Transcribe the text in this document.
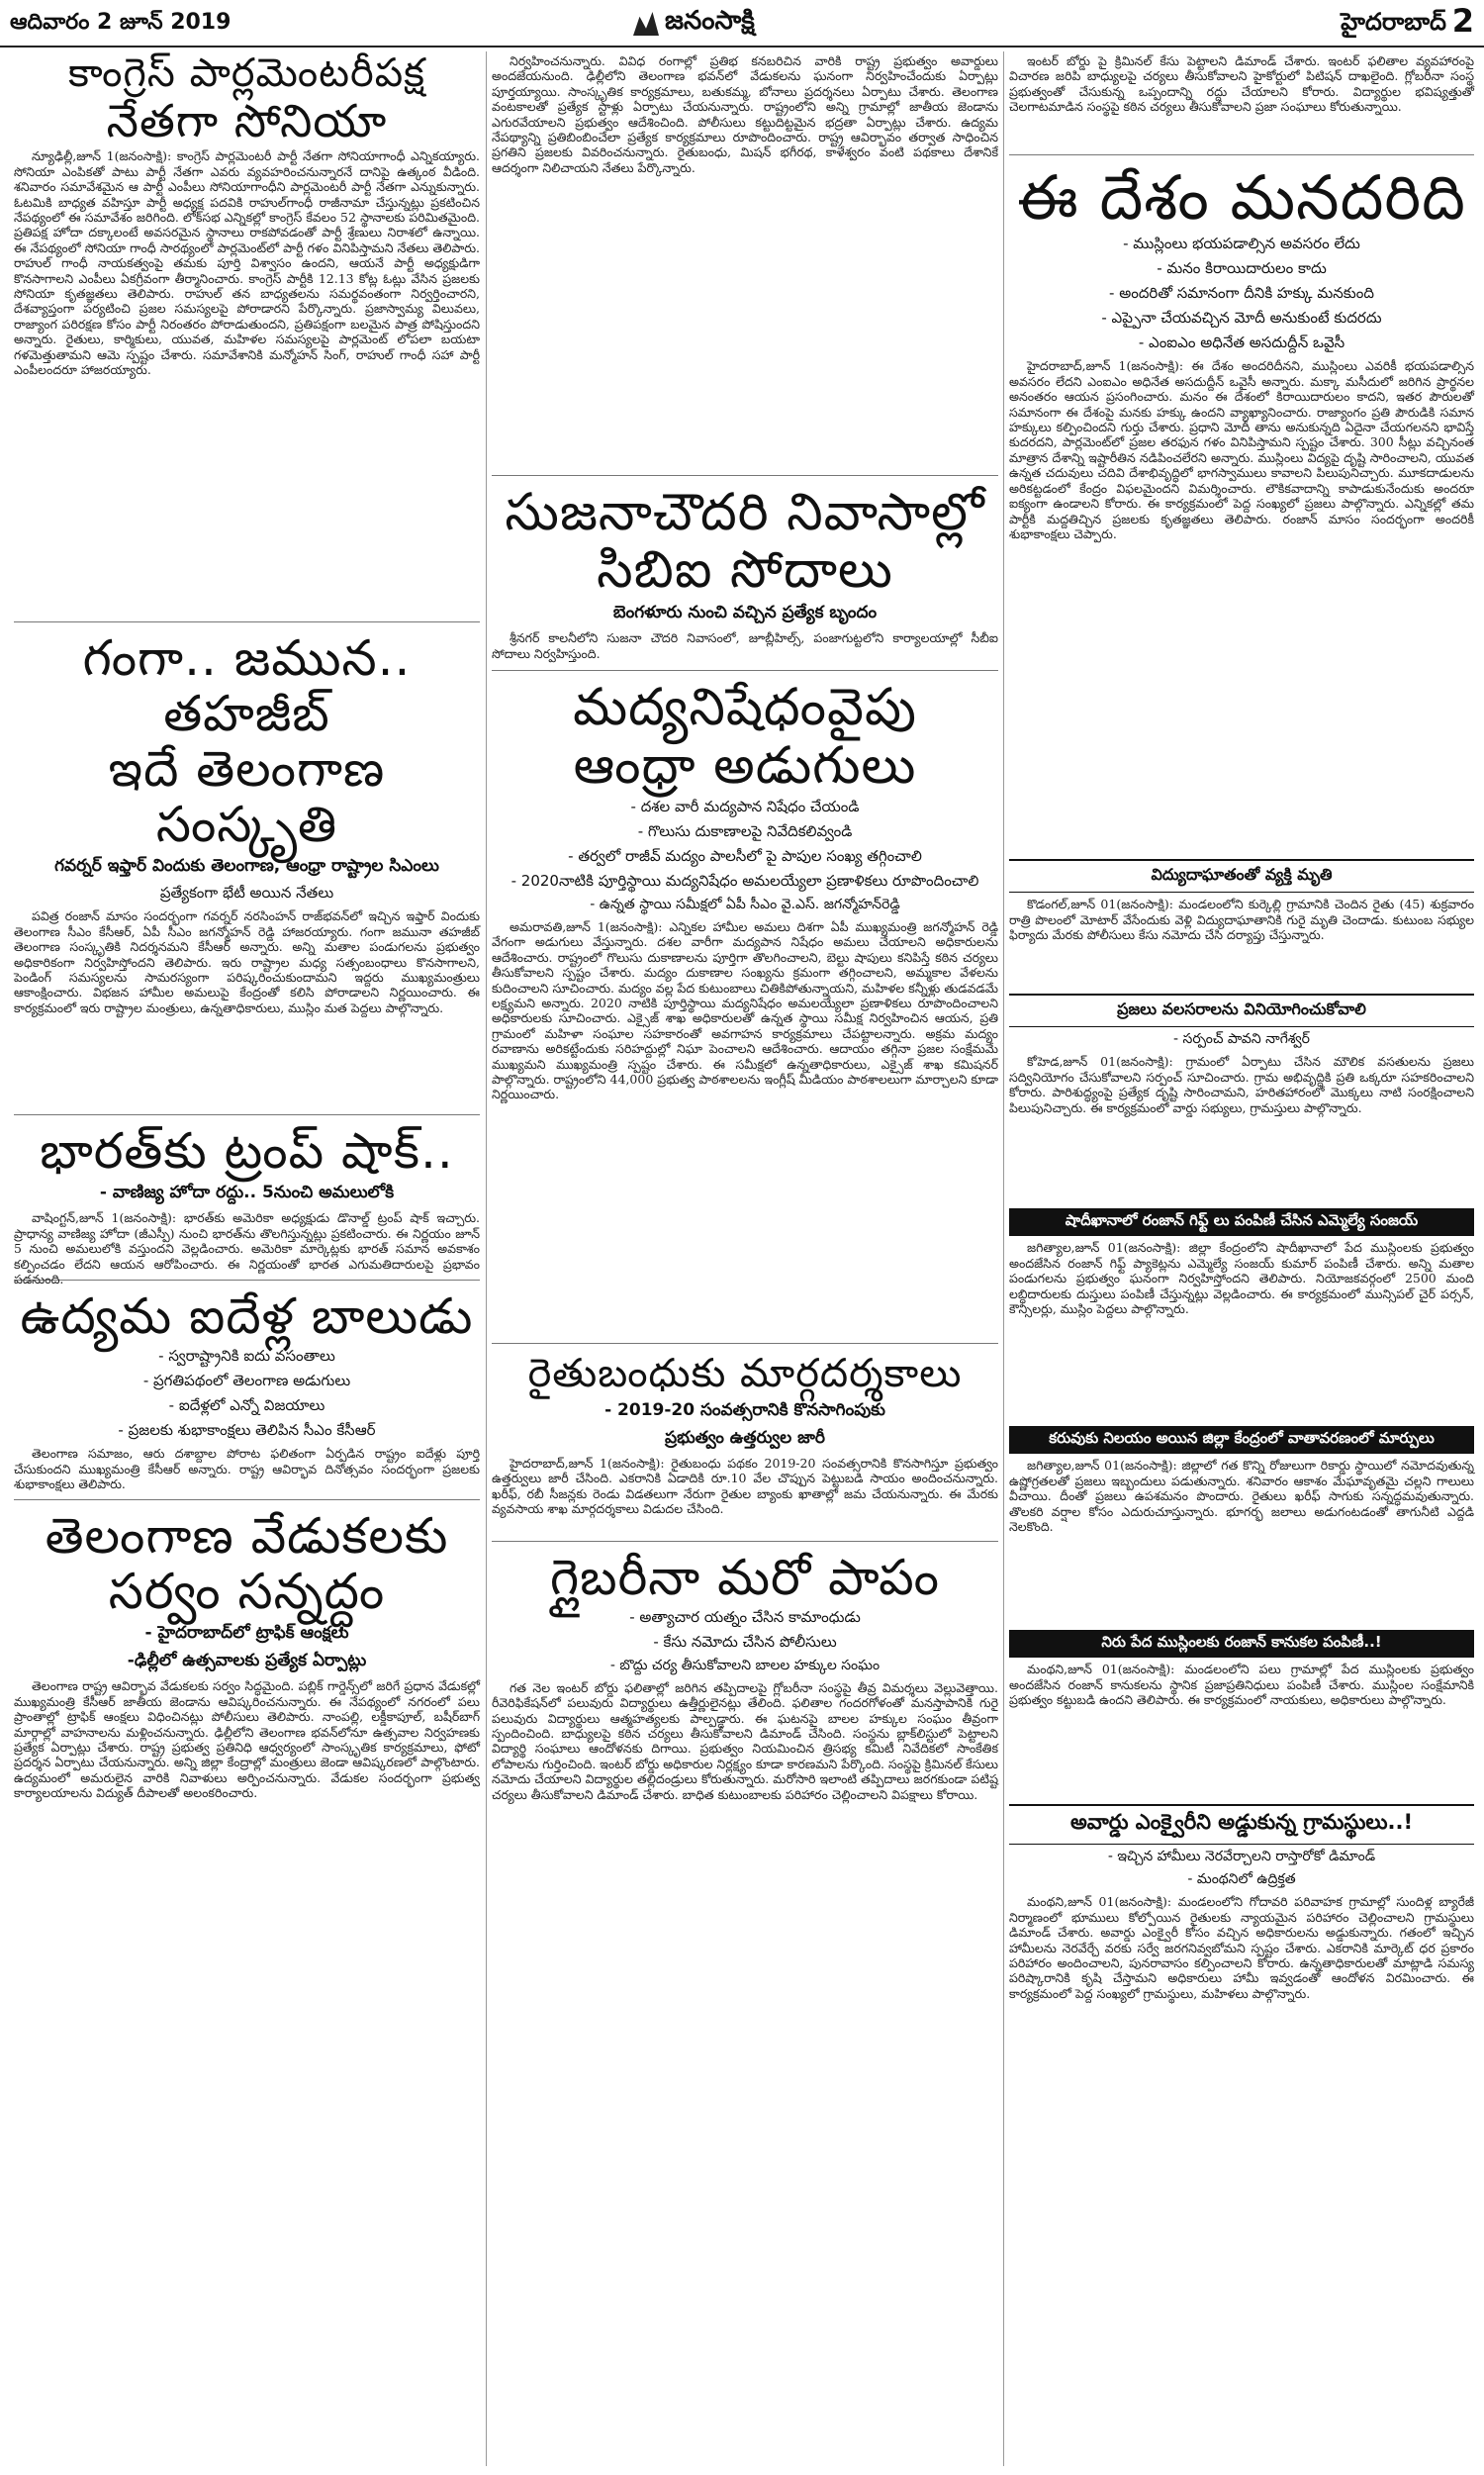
ఆదివారం 2 జూన్ 2019	జనంసాక్షి	హైదరాబాద్ 2
కాంగ్రెస్ పార్లమెంటరీపక్ష
నేతగా సోనియా

న్యూఢిల్లీ,జూన్ 1(జనంసాక్షి): కాంగ్రెస్ పార్లమెంటరీ పార్టీ నేతగా సోనియాగాంధీ ఎన్నికయ్యారు. సోనియా ఎంపికతో పాటు పార్టీ నేతగా ఎవరు వ్యవహరించనున్నారనే దానిపై ఉత్కంఠ వీడింది. శనివారం సమావేశమైన ఆ పార్టీ ఎంపీలు సోనియాగాంధీని పార్లమెంటరీ పార్టీ నేతగా ఎన్నుకున్నారు. ఓటమికి బాధ్యత వహిస్తూ పార్టీ అధ్యక్ష పదవికి రాహుల్‌గాంధీ రాజీనామా చేస్తున్నట్లు ప్రకటించిన నేపథ్యంలో ఈ సమావేశం జరిగింది. లోక్‌సభ ఎన్నికల్లో కాంగ్రెస్ కేవలం 52 స్థానాలకు పరిమితమైంది. ప్రతిపక్ష హోదా దక్కాలంటే అవసరమైన స్థానాలు రాకపోవడంతో పార్టీ శ్రేణులు నిరాశలో ఉన్నాయి. ఈ నేపథ్యంలో సోనియా గాంధీ సారథ్యంలో పార్లమెంట్‌లో పార్టీ గళం వినిపిస్తామని నేతలు తెలిపారు. రాహుల్ గాంధీ నాయకత్వంపై తమకు పూర్తి విశ్వాసం ఉందని, ఆయనే పార్టీ అధ్యక్షుడిగా కొనసాగాలని ఎంపీలు ఏకగ్రీవంగా తీర్మానించారు. కాంగ్రెస్ పార్టీకి 12.13 కోట్ల ఓట్లు వేసిన ప్రజలకు సోనియా కృతజ్ఞతలు తెలిపారు. రాహుల్ తన బాధ్యతలను సమర్థవంతంగా నిర్వర్తించారని, దేశవ్యాప్తంగా పర్యటించి ప్రజల సమస్యలపై పోరాడారని పేర్కొన్నారు. ప్రజాస్వామ్య విలువలు, రాజ్యాంగ పరిరక్షణ కోసం పార్టీ నిరంతరం పోరాడుతుందని, ప్రతిపక్షంగా బలమైన పాత్ర పోషిస్తుందని అన్నారు. రైతులు, కార్మికులు, యువత, మహిళల సమస్యలపై పార్లమెంట్ లోపలా బయటా గళమెత్తుతామని ఆమె స్పష్టం చేశారు. సమావేశానికి మన్మోహన్ సింగ్, రాహుల్ గాంధీ సహా పార్టీ ఎంపీలందరూ హాజరయ్యారు.

గంగా.. జమున.. తహజీబ్
ఇదే తెలంగాణ సంస్కృతి
గవర్నర్ ఇఫ్తార్ విందుకు తెలంగాణ, ఆంధ్రా రాష్ట్రాల సిఎంలు
ప్రత్యేకంగా భేటీ అయిన నేతలు

పవిత్ర రంజాన్ మాసం సందర్భంగా గవర్నర్ నరసింహన్ రాజ్‌భవన్‌లో ఇచ్చిన ఇఫ్తార్ విందుకు తెలంగాణ సీఎం కేసీఆర్, ఏపీ సీఎం జగన్మోహన్ రెడ్డి హాజరయ్యారు. గంగా జమునా తహజీబ్ తెలంగాణ సంస్కృతికి నిదర్శనమని కేసీఆర్ అన్నారు. అన్ని మతాల పండుగలను ప్రభుత్వం అధికారికంగా నిర్వహిస్తోందని తెలిపారు. ఇరు రాష్ట్రాల మధ్య సత్సంబంధాలు కొనసాగాలని, పెండింగ్ సమస్యలను సామరస్యంగా పరిష్కరించుకుందామని ఇద్దరు ముఖ్యమంత్రులు ఆకాంక్షించారు. విభజన హామీల అమలుపై కేంద్రంతో కలిసి పోరాడాలని నిర్ణయించారు. ఈ కార్యక్రమంలో ఇరు రాష్ట్రాల మంత్రులు, ఉన్నతాధికారులు, ముస్లిం మత పెద్దలు పాల్గొన్నారు.

భారత్‌కు ట్రంప్ షాక్..
- వాణిజ్య హోదా రద్దు.. 5నుంచి అమలులోకి

వాషింగ్టన్,జూన్ 1(జనంసాక్షి): భారత్‌కు అమెరికా అధ్యక్షుడు డొనాల్డ్ ట్రంప్ షాక్ ఇచ్చారు. ప్రాధాన్య వాణిజ్య హోదా (జీఎస్పీ) నుంచి భారత్‌ను తొలగిస్తున్నట్లు ప్రకటించారు. ఈ నిర్ణయం జూన్ 5 నుంచి అమలులోకి వస్తుందని వెల్లడించారు. అమెరికా మార్కెట్లకు భారత్ సమాన అవకాశం కల్పించడం లేదని ఆయన ఆరోపించారు. ఈ నిర్ణయంతో భారత ఎగుమతిదారులపై ప్రభావం పడనుంది.

ఉద్యమ ఐదేళ్ల బాలుడు
- స్వరాష్ట్రానికి ఐదు వసంతాలు
- ప్రగతిపథంలో తెలంగాణ అడుగులు
- ఐదేళ్లలో ఎన్నో విజయాలు
- ప్రజలకు శుభాకాంక్షలు తెలిపిన సీఎం కేసీఆర్

తెలంగాణ సమాజం, ఆరు దశాబ్దాల పోరాట ఫలితంగా ఏర్పడిన రాష్ట్రం ఐదేళ్లు పూర్తి చేసుకుందని ముఖ్యమంత్రి కేసీఆర్ అన్నారు. రాష్ట్ర ఆవిర్భావ దినోత్సవం సందర్భంగా ప్రజలకు శుభాకాంక్షలు తెలిపారు.

తెలంగాణ వేడుకలకు
సర్వం సన్నద్ధం
- హైదరాబాద్‌లో ట్రాఫిక్ ఆంక్షలు
-ఢిల్లీలో ఉత్సవాలకు ప్రత్యేక ఏర్పాట్లు

తెలంగాణ రాష్ట్ర ఆవిర్భావ వేడుకలకు సర్వం సిద్ధమైంది. పబ్లిక్ గార్డెన్స్‌లో జరిగే ప్రధాన వేడుకల్లో ముఖ్యమంత్రి కేసీఆర్ జాతీయ జెండాను ఆవిష్కరించనున్నారు. ఈ నేపథ్యంలో నగరంలో పలు ప్రాంతాల్లో ట్రాఫిక్ ఆంక్షలు విధించినట్లు పోలీసులు తెలిపారు. నాంపల్లి, లక్డీకాపూల్, బషీర్‌బాగ్ మార్గాల్లో వాహనాలను మళ్లించనున్నారు. ఢిల్లీలోని తెలంగాణ భవన్‌లోనూ ఉత్సవాల నిర్వహణకు ప్రత్యేక ఏర్పాట్లు చేశారు. రాష్ట్ర ప్రభుత్వ ప్రతినిధి ఆధ్వర్యంలో సాంస్కృతిక కార్యక్రమాలు, ఫోటో ప్రదర్శన ఏర్పాటు చేయనున్నారు. అన్ని జిల్లా కేంద్రాల్లో మంత్రులు జెండా ఆవిష్కరణలో పాల్గొంటారు. ఉద్యమంలో అమరులైన వారికి నివాళులు అర్పించనున్నారు. వేడుకల సందర్భంగా ప్రభుత్వ కార్యాలయాలను విద్యుత్ దీపాలతో అలంకరించారు.

నిర్వహించనున్నారు. వివిధ రంగాల్లో ప్రతిభ కనబరిచిన వారికి రాష్ట్ర ప్రభుత్వం అవార్డులు అందజేయనుంది. ఢిల్లీలోని తెలంగాణ భవన్‌లో వేడుకలను ఘనంగా నిర్వహించేందుకు ఏర్పాట్లు పూర్తయ్యాయి. సాంస్కృతిక కార్యక్రమాలు, బతుకమ్మ, బోనాలు ప్రదర్శనలు ఏర్పాటు చేశారు. తెలంగాణ వంటకాలతో ప్రత్యేక స్టాళ్లు ఏర్పాటు చేయనున్నారు. రాష్ట్రంలోని అన్ని గ్రామాల్లో జాతీయ జెండాను ఎగురవేయాలని ప్రభుత్వం ఆదేశించింది. పోలీసులు కట్టుదిట్టమైన భద్రతా ఏర్పాట్లు చేశారు. ఉద్యమ నేపథ్యాన్ని ప్రతిబింబించేలా ప్రత్యేక కార్యక్రమాలు రూపొందించారు. రాష్ట్ర ఆవిర్భావం తర్వాత సాధించిన ప్రగతిని ప్రజలకు వివరించనున్నారు. రైతుబంధు, మిషన్ భగీరథ, కాళేశ్వరం వంటి పథకాలు దేశానికే ఆదర్శంగా నిలిచాయని నేతలు పేర్కొన్నారు.

సుజనాచౌదరి నివాసాల్లో
సిబిఐ సోదాలు
బెంగళూరు నుంచి వచ్చిన ప్రత్యేక బృందం

శ్రీనగర్ కాలనీలోని సుజనా చౌదరి నివాసంలో, జూబ్లీహిల్స్, పంజాగుట్టలోని కార్యాలయాల్లో సీబీఐ సోదాలు నిర్వహిస్తుంది.

మద్యనిషేధంవైపు
ఆంధ్రా అడుగులు
- దశల వారీ మద్యపాన నిషేధం చేయండి
- గొలుసు దుకాణాలపై నివేదికలివ్వండి
- తర్వలో రాజీవ్ మద్యం పాలసీలో పై పాపుల సంఖ్య తగ్గించాలి
- 2020నాటికి పూర్తిస్థాయి మద్యనిషేధం అమలయ్యేలా ప్రణాళికలు రూపొందించాలి
- ఉన్నత స్థాయి సమీక్షలో ఏపీ సీఎం వై.ఎస్. జగన్మోహన్‌రెడ్డి

అమరావతి,జూన్ 1(జనంసాక్షి): ఎన్నికల హామీల అమలు దిశగా ఏపీ ముఖ్యమంత్రి జగన్మోహన్ రెడ్డి వేగంగా అడుగులు వేస్తున్నారు. దశల వారీగా మద్యపాన నిషేధం అమలు చేయాలని అధికారులను ఆదేశించారు. రాష్ట్రంలో గొలుసు దుకాణాలను పూర్తిగా తొలగించాలని, బెల్టు షాపులు కనిపిస్తే కఠిన చర్యలు తీసుకోవాలని స్పష్టం చేశారు. మద్యం దుకాణాల సంఖ్యను క్రమంగా తగ్గించాలని, అమ్మకాల వేళలను కుదించాలని సూచించారు. మద్యం వల్ల పేద కుటుంబాలు చితికిపోతున్నాయని, మహిళల కన్నీళ్లు తుడవడమే లక్ష్యమని అన్నారు. 2020 నాటికి పూర్తిస్థాయి మద్యనిషేధం అమలయ్యేలా ప్రణాళికలు రూపొందించాలని అధికారులకు సూచించారు. ఎక్సైజ్ శాఖ అధికారులతో ఉన్నత స్థాయి సమీక్ష నిర్వహించిన ఆయన, ప్రతి గ్రామంలో మహిళా సంఘాల సహకారంతో అవగాహన కార్యక్రమాలు చేపట్టాలన్నారు. అక్రమ మద్యం రవాణాను అరికట్టేందుకు సరిహద్దుల్లో నిఘా పెంచాలని ఆదేశించారు. ఆదాయం తగ్గినా ప్రజల సంక్షేమమే ముఖ్యమని ముఖ్యమంత్రి స్పష్టం చేశారు. ఈ సమీక్షలో ఉన్నతాధికారులు, ఎక్సైజ్ శాఖ కమిషనర్ పాల్గొన్నారు. రాష్ట్రంలోని 44,000 ప్రభుత్వ పాఠశాలలను ఇంగ్లీష్ మీడియం పాఠశాలలుగా మార్చాలని కూడా నిర్ణయించారు.

రైతుబంధుకు మార్గదర్శకాలు
- 2019-20 సంవత్సరానికి కొనసాగింపుకు
ప్రభుత్వం ఉత్తర్వుల జారీ

హైదరాబాద్,జూన్ 1(జనంసాక్షి): రైతుబంధు పథకం 2019-20 సంవత్సరానికి కొనసాగిస్తూ ప్రభుత్వం ఉత్తర్వులు జారీ చేసింది. ఎకరానికి ఏడాదికి రూ.10 వేల చొప్పున పెట్టుబడి సాయం అందించనున్నారు. ఖరీఫ్, రబీ సీజన్లకు రెండు విడతలుగా నేరుగా రైతుల బ్యాంకు ఖాతాల్లో జమ చేయనున్నారు. ఈ మేరకు వ్యవసాయ శాఖ మార్గదర్శకాలు విడుదల చేసింది.

గ్లైబరీనా మరో పాపం
- అత్యాచార యత్నం చేసిన కామాంధుడు
- కేసు నమోదు చేసిన పోలీసులు
- బొద్దు చర్య తీసుకోవాలని బాలల హక్కుల సంఘం

గత నెల ఇంటర్ బోర్డు ఫలితాల్లో జరిగిన తప్పిదాలపై గ్లోబరీనా సంస్థపై తీవ్ర విమర్శలు వెల్లువెత్తాయి. రీవెరిఫికేషన్‌లో పలువురు విద్యార్థులు ఉత్తీర్ణులైనట్లు తేలింది. ఫలితాల గందరగోళంతో మనస్తాపానికి గురై పలువురు విద్యార్థులు ఆత్మహత్యలకు పాల్పడ్డారు. ఈ ఘటనపై బాలల హక్కుల సంఘం తీవ్రంగా స్పందించింది. బాధ్యులపై కఠిన చర్యలు తీసుకోవాలని డిమాండ్ చేసింది. సంస్థను బ్లాక్‌లిస్టులో పెట్టాలని విద్యార్థి సంఘాలు ఆందోళనకు దిగాయి. ప్రభుత్వం నియమించిన త్రిసభ్య కమిటీ నివేదికలో సాంకేతిక లోపాలను గుర్తించింది. ఇంటర్ బోర్డు అధికారుల నిర్లక్ష్యం కూడా కారణమని పేర్కొంది. సంస్థపై క్రిమినల్ కేసులు నమోదు చేయాలని విద్యార్థుల తల్లిదండ్రులు కోరుతున్నారు. మరోసారి ఇలాంటి తప్పిదాలు జరగకుండా పటిష్ట చర్యలు తీసుకోవాలని డిమాండ్ చేశారు. బాధిత కుటుంబాలకు పరిహారం చెల్లించాలని విపక్షాలు కోరాయి.

ఇంటర్ బోర్డు పై క్రిమినల్ కేసు పెట్టాలని డిమాండ్ చేశారు. ఇంటర్ ఫలితాల వ్యవహారంపై విచారణ జరిపి బాధ్యులపై చర్యలు తీసుకోవాలని హైకోర్టులో పిటిషన్ దాఖలైంది. గ్లోబరీనా సంస్థ ప్రభుత్వంతో చేసుకున్న ఒప్పందాన్ని రద్దు చేయాలని కోరారు. విద్యార్థుల భవిష్యత్తుతో చెలగాటమాడిన సంస్థపై కఠిన చర్యలు తీసుకోవాలని ప్రజా సంఘాలు కోరుతున్నాయి.

ఈ దేశం మనదరిది
- ముస్లింలు భయపడాల్సిన అవసరం లేదు
- మనం కిరాయిదారులం కాదు
- అందరితో సమానంగా దీనికి హక్కు మనకుంది
- ఎప్పైనా చేయవచ్చిన మోదీ అనుకుంటే కుదరదు
- ఎంఐఎం అధినేత అసదుద్దీన్ ఒవైసీ

హైదరాబాద్,జూన్ 1(జనంసాక్షి): ఈ దేశం అందరిదీనని, ముస్లింలు ఎవరికీ భయపడాల్సిన అవసరం లేదని ఎంఐఎం అధినేత అసదుద్దీన్ ఒవైసీ అన్నారు. మక్కా మసీదులో జరిగిన ప్రార్థనల అనంతరం ఆయన ప్రసంగించారు. మనం ఈ దేశంలో కిరాయిదారులం కాదని, ఇతర పౌరులతో సమానంగా ఈ దేశంపై మనకు హక్కు ఉందని వ్యాఖ్యానించారు. రాజ్యాంగం ప్రతి పౌరుడికి సమాన హక్కులు కల్పించిందని గుర్తు చేశారు. ప్రధాని మోదీ తాను అనుకున్నది ఏదైనా చేయగలనని భావిస్తే కుదరదని, పార్లమెంట్‌లో ప్రజల తరఫున గళం వినిపిస్తామని స్పష్టం చేశారు. 300 సీట్లు వచ్చినంత మాత్రాన దేశాన్ని ఇష్టారీతిన నడిపించలేరని అన్నారు. ముస్లింలు విద్యపై దృష్టి సారించాలని, యువత ఉన్నత చదువులు చదివి దేశాభివృద్ధిలో భాగస్వాములు కావాలని పిలుపునిచ్చారు. మూకదాడులను అరికట్టడంలో కేంద్రం విఫలమైందని విమర్శించారు. లౌకికవాదాన్ని కాపాడుకునేందుకు అందరూ ఐక్యంగా ఉండాలని కోరారు. ఈ కార్యక్రమంలో పెద్ద సంఖ్యలో ప్రజలు పాల్గొన్నారు. ఎన్నికల్లో తమ పార్టీకి మద్దతిచ్చిన ప్రజలకు కృతజ్ఞతలు తెలిపారు. రంజాన్ మాసం సందర్భంగా అందరికీ శుభాకాంక్షలు చెప్పారు.

విద్యుదాఘాతంతో వ్యక్తి మృతి

కొడంగల్,జూన్ 01(జనంసాక్షి): మండలంలోని కుర్కెల్లి గ్రామానికి చెందిన రైతు (45) శుక్రవారం రాత్రి పొలంలో మోటార్ వేసేందుకు వెళ్లి విద్యుదాఘాతానికి గురై మృతి చెందాడు. కుటుంబ సభ్యుల ఫిర్యాదు మేరకు పోలీసులు కేసు నమోదు చేసి దర్యాప్తు చేస్తున్నారు.

ప్రజలు వలసరాలను వినియోగించుకోవాలి
- సర్పంచ్ పావని నాగేశ్వర్

కోహెడ,జూన్ 01(జనంసాక్షి): గ్రామంలో ఏర్పాటు చేసిన మౌలిక వసతులను ప్రజలు సద్వినియోగం చేసుకోవాలని సర్పంచ్ సూచించారు. గ్రామ అభివృద్ధికి ప్రతి ఒక్కరూ సహకరించాలని కోరారు. పారిశుద్ధ్యంపై ప్రత్యేక దృష్టి సారించామని, హరితహారంలో మొక్కలు నాటి సంరక్షించాలని పిలుపునిచ్చారు. ఈ కార్యక్రమంలో వార్డు సభ్యులు, గ్రామస్తులు పాల్గొన్నారు.

షాదీఖానాలో రంజాన్ గిఫ్ట్ లు పంపిణీ చేసిన ఎమ్మెల్యే సంజయ్

జగిత్యాల,జూన్ 01(జనంసాక్షి): జిల్లా కేంద్రంలోని షాదీఖానాలో పేద ముస్లింలకు ప్రభుత్వం అందజేసిన రంజాన్ గిఫ్ట్ ప్యాకెట్లను ఎమ్మెల్యే సంజయ్ కుమార్ పంపిణీ చేశారు. అన్ని మతాల పండుగలను ప్రభుత్వం ఘనంగా నిర్వహిస్తోందని తెలిపారు. నియోజకవర్గంలో 2500 మంది లబ్ధిదారులకు దుస్తులు పంపిణీ చేస్తున్నట్లు వెల్లడించారు. ఈ కార్యక్రమంలో మున్సిపల్ చైర్ పర్సన్, కౌన్సిలర్లు, ముస్లిం పెద్దలు పాల్గొన్నారు.

కరువుకు నిలయం అయిన జిల్లా కేంద్రంలో వాతావరణంలో మార్పులు

జగిత్యాల,జూన్ 01(జనంసాక్షి): జిల్లాలో గత కొన్ని రోజులుగా రికార్డు స్థాయిలో నమోదవుతున్న ఉష్ణోగ్రతలతో ప్రజలు ఇబ్బందులు పడుతున్నారు. శనివారం ఆకాశం మేఘావృతమై చల్లని గాలులు వీచాయి. దీంతో ప్రజలు ఉపశమనం పొందారు. రైతులు ఖరీఫ్ సాగుకు సన్నద్ధమవుతున్నారు. తొలకరి వర్షాల కోసం ఎదురుచూస్తున్నారు. భూగర్భ జలాలు అడుగంటడంతో తాగునీటి ఎద్దడి నెలకొంది.

నిరు పేద ముస్లింలకు రంజాన్ కానుకల పంపిణీ..!

మంథని,జూన్ 01(జనంసాక్షి): మండలంలోని పలు గ్రామాల్లో పేద ముస్లింలకు ప్రభుత్వం అందజేసిన రంజాన్ కానుకలను స్థానిక ప్రజాప్రతినిధులు పంపిణీ చేశారు. ముస్లింల సంక్షేమానికి ప్రభుత్వం కట్టుబడి ఉందని తెలిపారు. ఈ కార్యక్రమంలో నాయకులు, అధికారులు పాల్గొన్నారు.

అవార్డు ఎంక్వైరీని అడ్డుకున్న గ్రామస్థులు..!
- ఇచ్చిన హామీలు నెరవేర్చాలని రాస్తారోకో డిమాండ్
- మంథనిలో ఉద్రిక్తత

మంథని,జూన్ 01(జనంసాక్షి): మండలంలోని గోదావరి పరివాహక గ్రామాల్లో సుందిళ్ల బ్యారేజీ నిర్మాణంలో భూములు కోల్పోయిన రైతులకు న్యాయమైన పరిహారం చెల్లించాలని గ్రామస్థులు డిమాండ్ చేశారు. అవార్డు ఎంక్వైరీ కోసం వచ్చిన అధికారులను అడ్డుకున్నారు. గతంలో ఇచ్చిన హామీలను నెరవేర్చే వరకు సర్వే జరగనివ్వబోమని స్పష్టం చేశారు. ఎకరానికి మార్కెట్ ధర ప్రకారం పరిహారం అందించాలని, పునరావాసం కల్పించాలని కోరారు. ఉన్నతాధికారులతో మాట్లాడి సమస్య పరిష్కారానికి కృషి చేస్తామని అధికారులు హామీ ఇవ్వడంతో ఆందోళన విరమించారు. ఈ కార్యక్రమంలో పెద్ద సంఖ్యలో గ్రామస్థులు, మహిళలు పాల్గొన్నారు.
